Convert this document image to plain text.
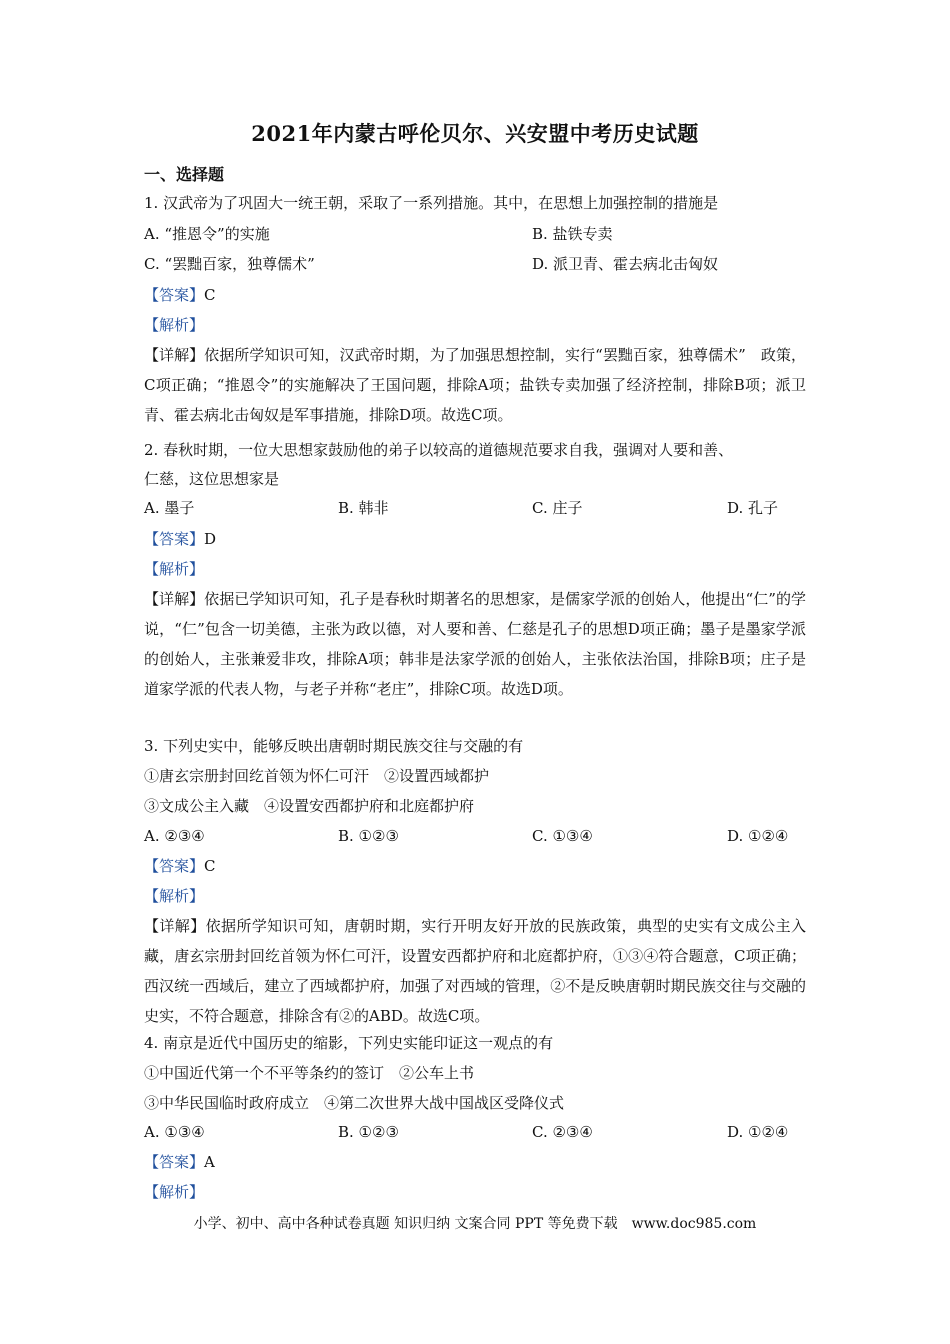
2021年内蒙古呼伦贝尔、兴安盟中考历史试题
一、选择题
1. 汉武帝为了巩固大一统王朝，采取了一系列措施。其中，在思想上加强控制的措施是
A. “推恩令”的实施	B. 盐铁专卖
C. “罢黜百家，独尊儒术”	D. 派卫青、霍去病北击匈奴
【答案】C
【解析】
【详解】依据所学知识可知，汉武帝时期，为了加强思想控制，实行“罢黜百家，独尊儒术”　政策，C项正确；“推恩令”的实施解决了王国问题，排除A项；盐铁专卖加强了经济控制，排除B项；派卫青、霍去病北击匈奴是军事措施，排除D项。故选C项。
2. 春秋时期，一位大思想家鼓励他的弟子以较高的道德规范要求自我，强调对人要和善、
仁慈，这位思想家是
A. 墨子	B. 韩非	C. 庄子	D. 孔子
【答案】D
【解析】
【详解】依据已学知识可知，孔子是春秋时期著名的思想家，是儒家学派的创始人，他提出“仁”的学说，“仁”包含一切美德，主张为政以德，对人要和善、仁慈是孔子的思想D项正确；墨子是墨家学派的创始人，主张兼爱非攻，排除A项；韩非是法家学派的创始人，主张依法治国，排除B项；庄子是道家学派的代表人物，与老子并称“老庄”，排除C项。故选D项。
3. 下列史实中，能够反映出唐朝时期民族交往与交融的有
①唐玄宗册封回纥首领为怀仁可汗　②设置西域都护
③文成公主入藏　④设置安西都护府和北庭都护府
A. ②③④	B. ①②③	C. ①③④	D. ①②④
【答案】C
【解析】
【详解】依据所学知识可知，唐朝时期，实行开明友好开放的民族政策，典型的史实有文成公主入藏，唐玄宗册封回纥首领为怀仁可汗，设置安西都护府和北庭都护府，①③④符合题意，C项正确；西汉统一西域后，建立了西域都护府，加强了对西域的管理，②不是反映唐朝时期民族交往与交融的史实，不符合题意，排除含有②的ABD。故选C项。
4. 南京是近代中国历史的缩影，下列史实能印证这一观点的有
①中国近代第一个不平等条约的签订　②公车上书
③中华民国临时政府成立　④第二次世界大战中国战区受降仪式
A. ①③④	B. ①②③	C. ②③④	D. ①②④
【答案】A
【解析】
小学、初中、高中各种试卷真题 知识归纳 文案合同 PPT 等免费下载　www.doc985.com
